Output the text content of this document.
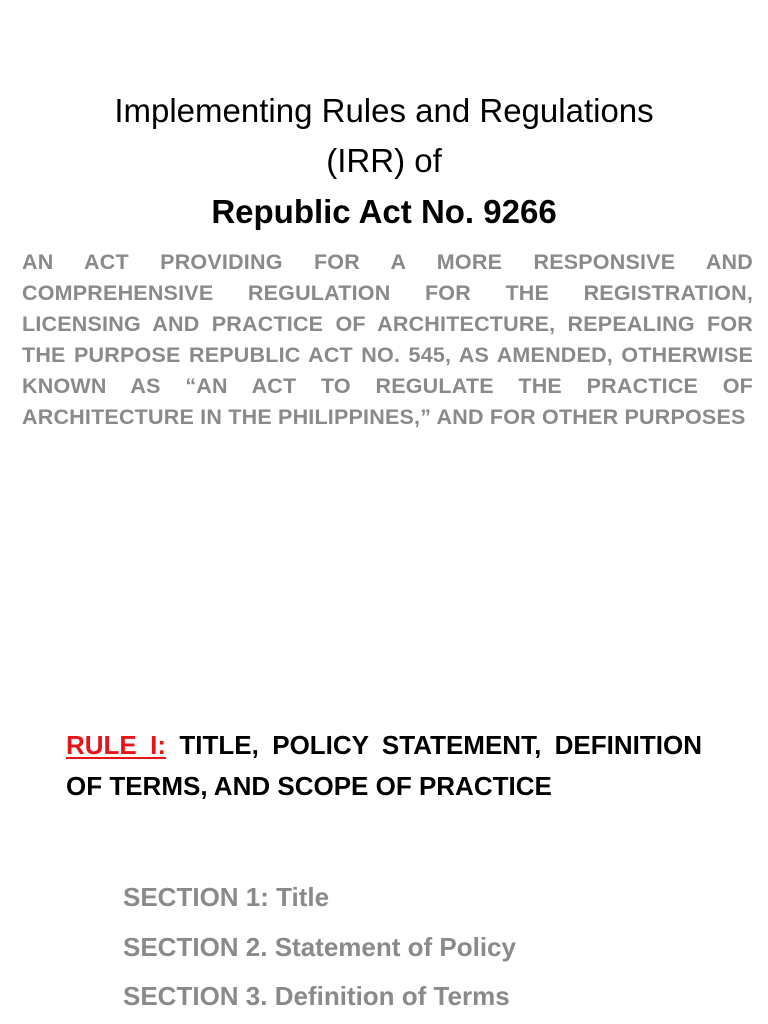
Implementing Rules and Regulations
(IRR) of
Republic Act No. 9266
AN ACT PROVIDING FOR A MORE RESPONSIVE AND COMPREHENSIVE REGULATION FOR THE REGISTRATION, LICENSING AND PRACTICE OF ARCHITECTURE, REPEALING FOR THE PURPOSE REPUBLIC ACT NO. 545, AS AMENDED, OTHERWISE KNOWN AS “AN ACT TO REGULATE THE PRACTICE OF ARCHITECTURE IN THE PHILIPPINES,” AND FOR OTHER PURPOSES
RULE I: TITLE, POLICY STATEMENT, DEFINITION OF TERMS, AND SCOPE OF PRACTICE
SECTION 1: Title
SECTION 2. Statement of Policy
SECTION 3. Definition of Terms
